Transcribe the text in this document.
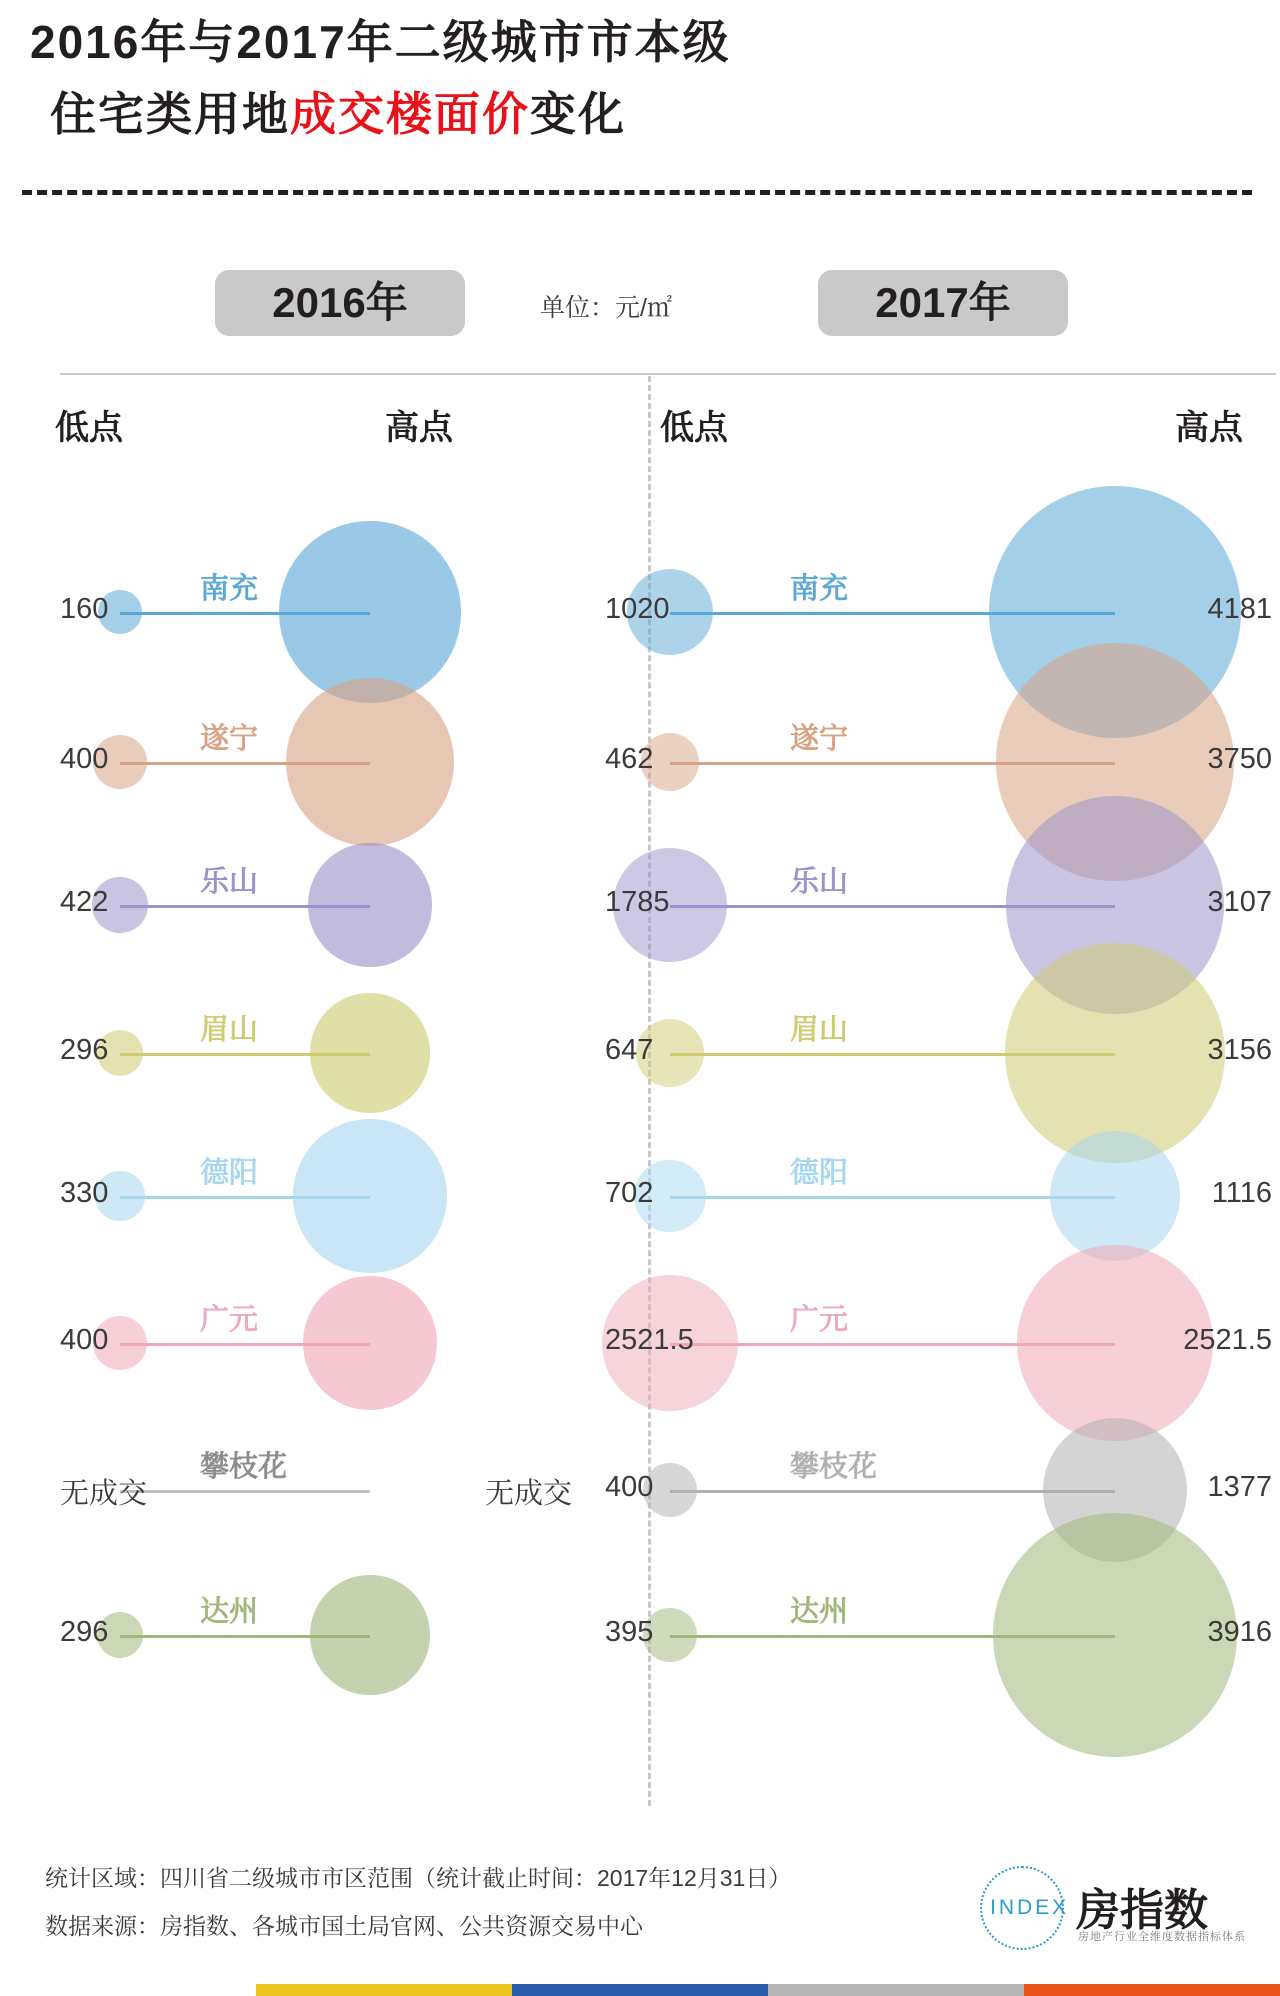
2016年与2017年二级城市市本级
住宅类用地成交楼面价变化
2016年	单位：元/㎡	2017年
低点	高点	低点	高点
南充
160	2155
南充
1020	4181
遂宁
400	1840
遂宁
462	3750
乐山
422	997
乐山
1785	3107
眉山
296	933
眉山
647	3156
德阳
330	1542
德阳
702	1116
广元
400	1167
广元
2521.5	2521.5
攀枝花
无成交	无成交
攀枝花
400	1377
达州
296	933
达州
395	3916
统计区域：四川省二级城市市区范围（统计截止时间：2017年12月31日）
数据来源：房指数、各城市国土局官网、公共资源交易中心
INDEX 房指数
房地产行业全维度数据指标体系
